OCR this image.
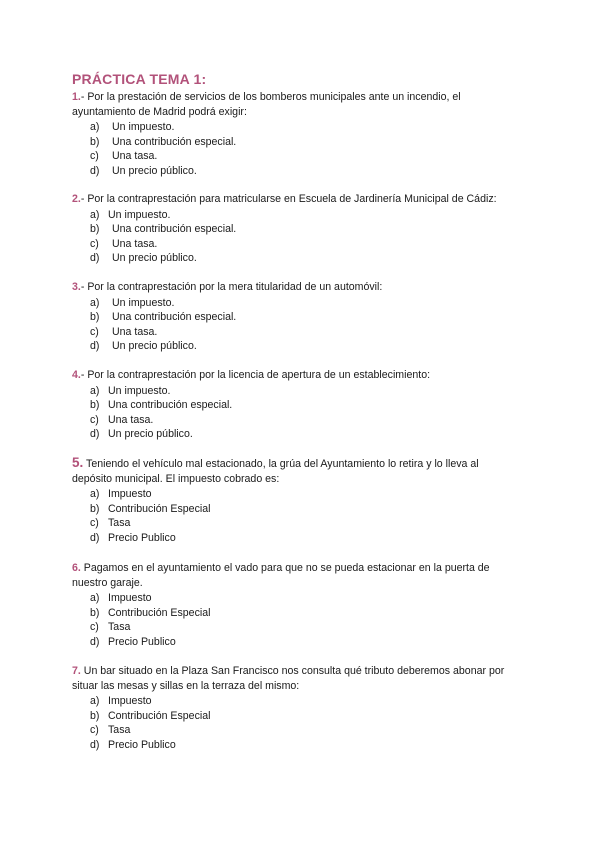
PRÁCTICA TEMA 1:

1.- Por la prestación de servicios de los bomberos municipales ante un incendio, el

ayuntamiento de Madrid podrá exigir:

a) Un impuesto.
b) Una contribución especial.
c) Una tasa.
d) Un precio público.

2.- Por la contraprestación para matricularse en Escuela de Jardinería Municipal de Cádiz:

a) Un impuesto.
b) Una contribución especial.
c) Una tasa.
d) Un precio público.

3.- Por la contraprestación por la mera titularidad de un automóvil:

a) Un impuesto.
b) Una contribución especial.
c) Una tasa.
d) Un precio público.

4.- Por la contraprestación por la licencia de apertura de un establecimiento:

a) Un impuesto.
b) Una contribución especial.
c) Una tasa.
d) Un precio público.

5. Teniendo el vehículo mal estacionado, la grúa del Ayuntamiento lo retira y lo lleva al

depósito municipal. El impuesto cobrado es:

a) Impuesto
b) Contribución Especial
c) Tasa
d) Precio Publico

6. Pagamos en el ayuntamiento el vado para que no se pueda estacionar en la puerta de

nuestro garaje.

a) Impuesto
b) Contribución Especial
c) Tasa
d) Precio Publico

7. Un bar situado en la Plaza San Francisco nos consulta qué tributo deberemos abonar por

situar las mesas y sillas en la terraza del mismo:

a) Impuesto
b) Contribución Especial
c) Tasa
d) Precio Publico
